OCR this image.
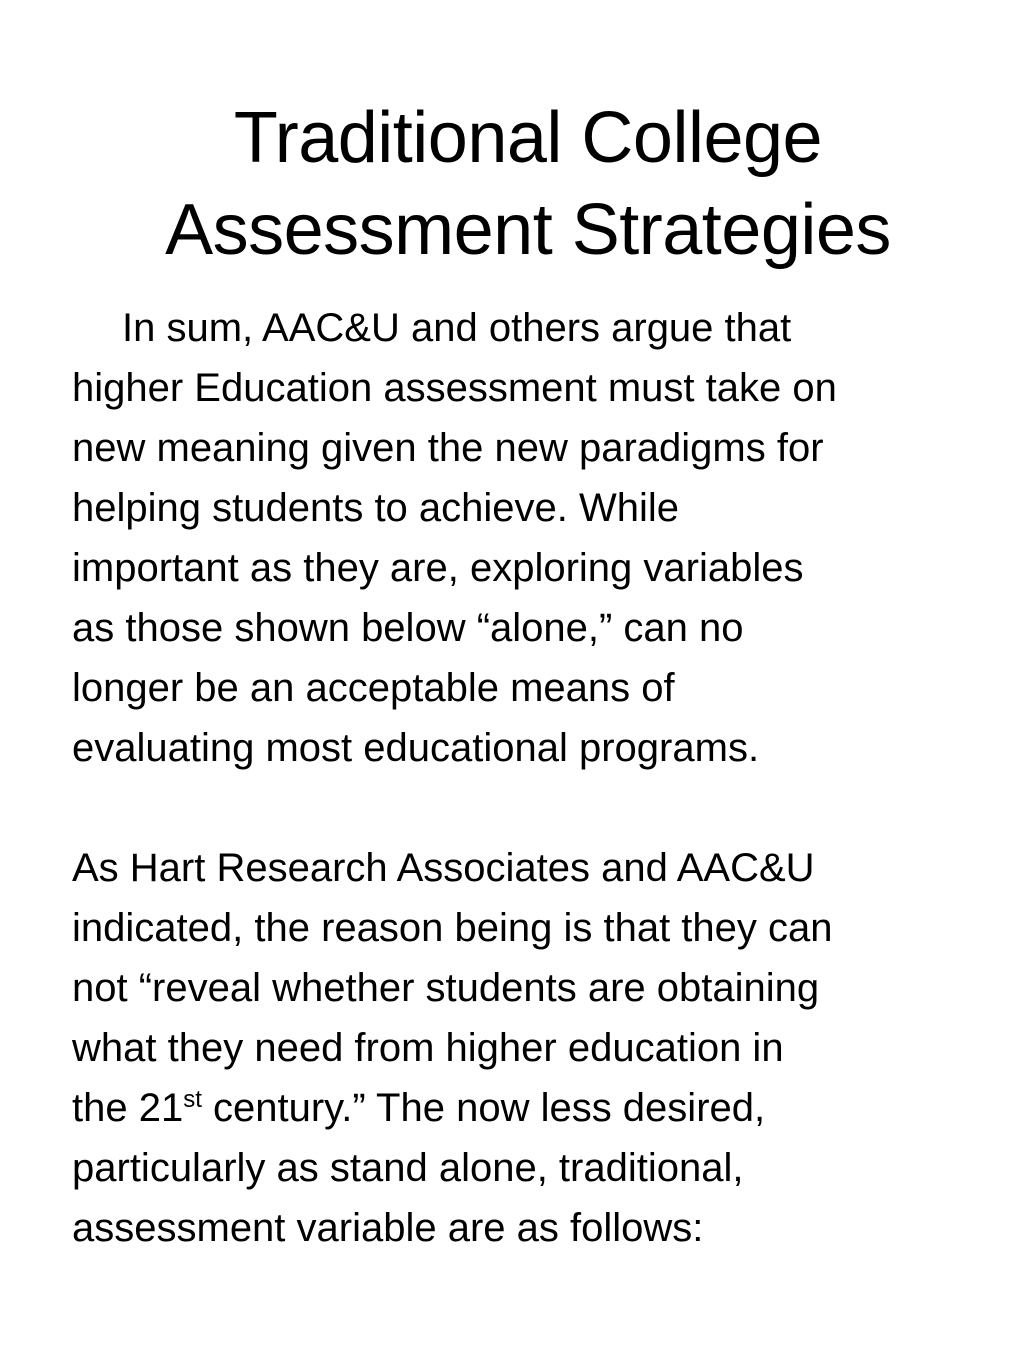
Traditional College
Assessment Strategies
In sum, AAC&U and others argue that
higher Education assessment must take on
new meaning given the new paradigms for
helping students to achieve. While
important as they are, exploring variables
as those shown below “alone,” can no
longer be an acceptable means of
evaluating most educational programs.
As Hart Research Associates and AAC&U
indicated, the reason being is that they can
not “reveal whether students are obtaining
what they need from higher education in
the 21st century.” The now less desired,
particularly as stand alone, traditional,
assessment variable are as follows:
